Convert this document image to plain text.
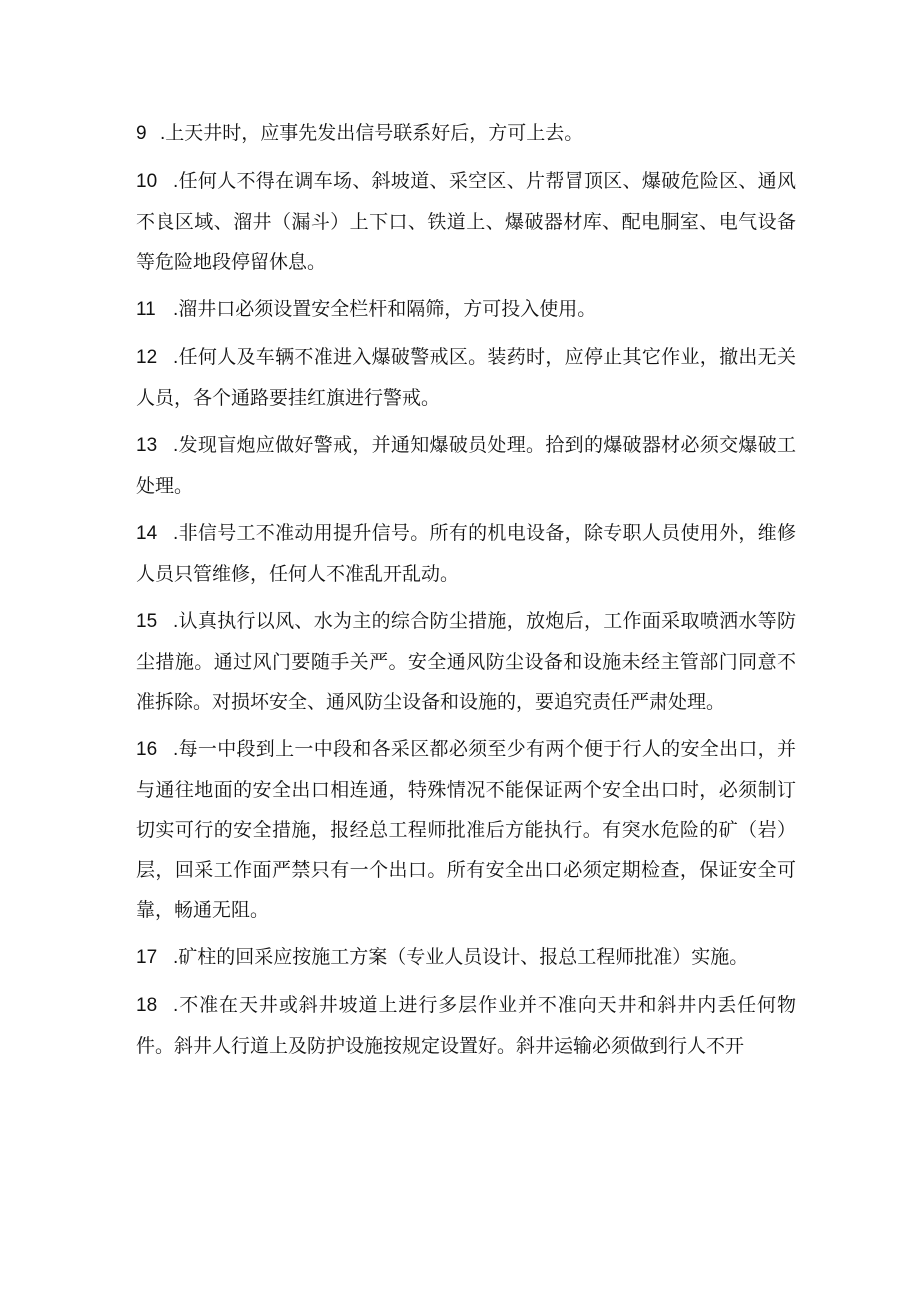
9 .上天井时，应事先发出信号联系好后，方可上去。

10 .任何人不得在调车场、斜坡道、采空区、片帮冒顶区、爆破危险区、通风不良区域、溜井（漏斗）上下口、铁道上、爆破器材库、配电胴室、电气设备等危险地段停留休息。

11 .溜井口必须设置安全栏杆和隔筛，方可投入使用。

12 .任何人及车辆不准进入爆破警戒区。装药时，应停止其它作业，撤出无关人员，各个通路要挂红旗进行警戒。

13 .发现盲炮应做好警戒，并通知爆破员处理。拾到的爆破器材必须交爆破工处理。

14 .非信号工不准动用提升信号。所有的机电设备，除专职人员使用外，维修人员只管维修，任何人不准乱开乱动。

15 .认真执行以风、水为主的综合防尘措施，放炮后，工作面采取喷洒水等防尘措施。通过风门要随手关严。安全通风防尘设备和设施未经主管部门同意不准拆除。对损坏安全、通风防尘设备和设施的，要追究责任严肃处理。

16 .每一中段到上一中段和各采区都必须至少有两个便于行人的安全出口，并与通往地面的安全出口相连通，特殊情况不能保证两个安全出口时，必须制订切实可行的安全措施，报经总工程师批准后方能执行。有突水危险的矿（岩）层，回采工作面严禁只有一个出口。所有安全出口必须定期检查，保证安全可靠，畅通无阻。

17 .矿柱的回采应按施工方案（专业人员设计、报总工程师批准）实施。

18 .不准在天井或斜井坡道上进行多层作业并不准向天井和斜井内丢任何物件。斜井人行道上及防护设施按规定设置好。斜井运输必须做到行人不开
